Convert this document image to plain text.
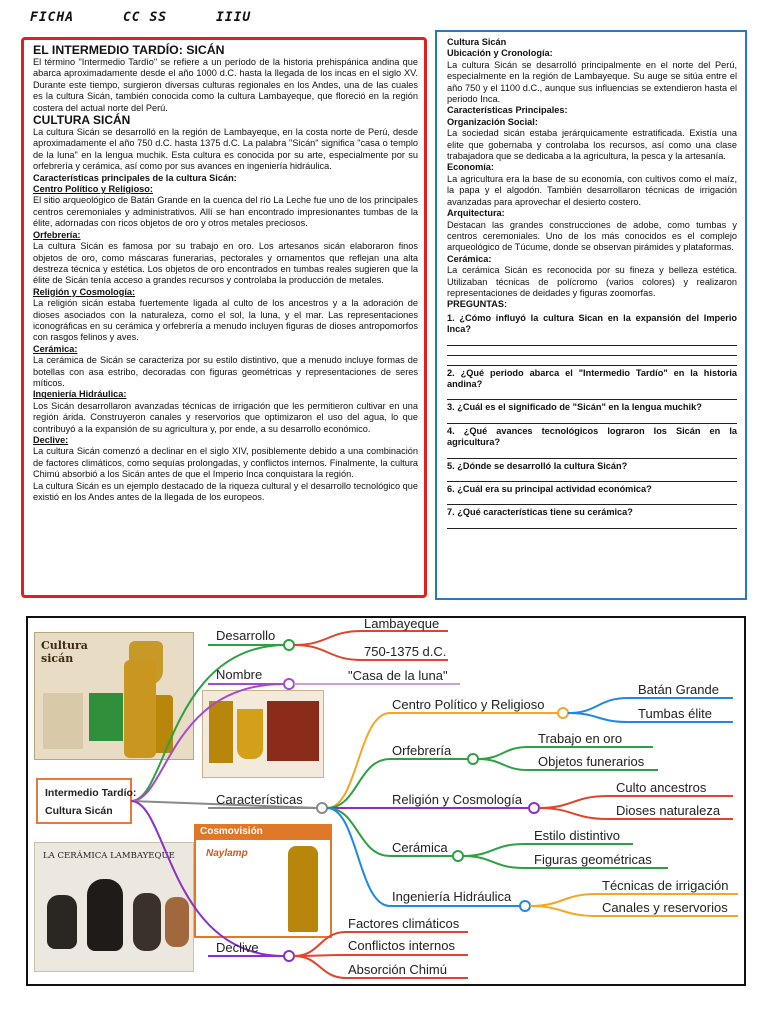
FICHA	CC SS	IIIU

EL INTERMEDIO TARDÍO: SICÁN

El término "Intermedio Tardío" se refiere a un período de la historia prehispánica andina que abarca aproximadamente desde el año 1000 d.C. hasta la llegada de los incas en el siglo XV. Durante este tiempo, surgieron diversas culturas regionales en los Andes, una de las cuales es la cultura Sicán, también conocida como la cultura Lambayeque, que floreció en la región costera del actual norte del Perú.

CULTURA SICÁN

La cultura Sicán se desarrolló en la región de Lambayeque, en la costa norte de Perú, desde aproximadamente el año 750 d.C. hasta 1375 d.C. La palabra "Sicán" significa "casa o templo de la luna" en la lengua muchik. Esta cultura es conocida por su arte, especialmente por su orfebrería y cerámica, así como por sus avances en ingeniería hidráulica.

Características principales de la cultura Sicán:

Centro Político y Religioso:

El sitio arqueológico de Batán Grande en la cuenca del río La Leche fue uno de los principales centros ceremoniales y administrativos. Allí se han encontrado impresionantes tumbas de la élite, adornadas con ricos objetos de oro y otros metales preciosos.

Orfebrería:

La cultura Sicán es famosa por su trabajo en oro. Los artesanos sicán elaboraron finos objetos de oro, como máscaras funerarias, pectorales y ornamentos que reflejan una alta destreza técnica y estética. Los objetos de oro encontrados en tumbas reales sugieren que la élite de Sicán tenía acceso a grandes recursos y controlaba la producción de metales.

Religión y Cosmología:

La religión sicán estaba fuertemente ligada al culto de los ancestros y a la adoración de dioses asociados con la naturaleza, como el sol, la luna, y el mar. Las representaciones iconográficas en su cerámica y orfebrería a menudo incluyen figuras de dioses antropomorfos con rasgos felinos y aves.

Cerámica:

La cerámica de Sicán se caracteriza por su estilo distintivo, que a menudo incluye formas de botellas con asa estribo, decoradas con figuras geométricas y representaciones de seres míticos.

Ingeniería Hidráulica:

Los Sicán desarrollaron avanzadas técnicas de irrigación que les permitieron cultivar en una región árida. Construyeron canales y reservorios que optimizaron el uso del agua, lo que contribuyó a la expansión de su agricultura y, por ende, a su desarrollo económico.

Declive:

La cultura Sicán comenzó a declinar en el siglo XIV, posiblemente debido a una combinación de factores climáticos, como sequías prolongadas, y conflictos internos. Finalmente, la cultura Chimú absorbió a los Sicán antes de que el Imperio Inca conquistara la región.

La cultura Sicán es un ejemplo destacado de la riqueza cultural y el desarrollo tecnológico que existió en los Andes antes de la llegada de los europeos.

Cultura Sicán

Ubicación y Cronología:

La cultura Sicán se desarrolló principalmente en el norte del Perú, especialmente en la región de Lambayeque. Su auge se sitúa entre el año 750 y el 1100 d.C., aunque sus influencias se extendieron hasta el periodo Inca.

Características Principales:

Organización Social:

La sociedad sicán estaba jerárquicamente estratificada. Existía una elite que gobernaba y controlaba los recursos, así como una clase trabajadora que se dedicaba a la agricultura, la pesca y la artesanía.

Economía:

La agricultura era la base de su economía, con cultivos como el maíz, la papa y el algodón. También desarrollaron técnicas de irrigación avanzadas para aprovechar el desierto costero.

Arquitectura:

Destacan las grandes construcciones de adobe, como tumbas y centros ceremoniales. Uno de los más conocidos es el complejo arqueológico de Túcume, donde se observan pirámides y plataformas.

Cerámica:

La cerámica Sicán es reconocida por su fineza y belleza estética. Utilizaban técnicas de polícromo (varios colores) y realizaron representaciones de deidades y figuras zoomorfas.

PREGUNTAS:

1. ¿Cómo influyó la cultura Sican en la expansión del Imperio Inca?

2. ¿Qué periodo abarca el "Intermedio Tardío" en la historia andina?

3. ¿Cuál es el significado de "Sicán" en la lengua muchik?

4. ¿Qué avances tecnológicos lograron los Sicán en la agricultura?

5. ¿Dónde se desarrolló la cultura Sicán?

6. ¿Cuál era su principal actividad económica?

7. ¿Qué características tiene su cerámica?

Cultura sicán
LA CERÁMICA LAMBAYEQUE
Cosmovisión
Naylamp
Intermedio Tardío:
Cultura Sicán
Desarrollo
Lambayeque
750-1375 d.C.
Nombre	"Casa de la luna"
Características
Centro Político y Religioso
Batán Grande
Tumbas élite
Orfebrería
Trabajo en oro
Objetos funerarios
Religión y Cosmología
Culto ancestros
Dioses naturaleza
Cerámica
Estilo distintivo
Figuras geométricas
Ingeniería Hidráulica
Técnicas de irrigación
Canales y reservorios
Declive
Factores climáticos
Conflictos internos
Absorción Chimú
